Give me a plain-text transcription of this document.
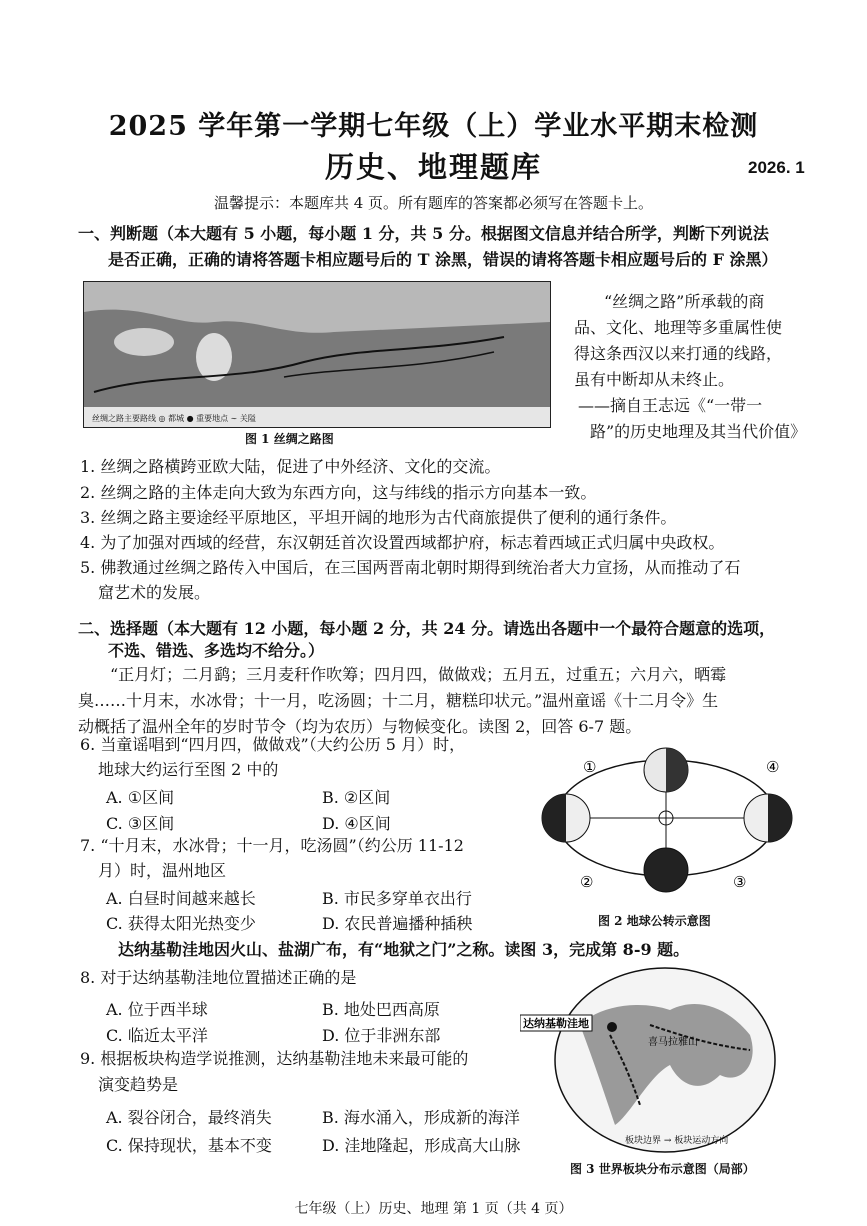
2025 学年第一学期七年级（上）学业水平期末检测
历史、地理题库	2026. 1
温馨提示：本题库共 4 页。所有题库的答案都必须写在答题卡上。
一、判断题（本大题有 5 小题，每小题 1 分，共 5 分。根据图文信息并结合所学，判断下列说法
是否正确，正确的请将答题卡相应题号后的 T 涂黑，错误的请将答题卡相应题号后的 F 涂黑）
丝绸之路主要路线 ◎ 都城 ● 重要地点 ∼ 关隘
图 1 丝绸之路图
“丝绸之路”所承载的商
品、文化、地理等多重属性使
得这条西汉以来打通的线路，
虽有中断却从未终止。
——摘自王志远《“一带一
路”的历史地理及其当代价值》
1. 丝绸之路横跨亚欧大陆，促进了中外经济、文化的交流。
2. 丝绸之路的主体走向大致为东西方向，这与纬线的指示方向基本一致。
3. 丝绸之路主要途经平原地区，平坦开阔的地形为古代商旅提供了便利的通行条件。
4. 为了加强对西域的经营，东汉朝廷首次设置西域都护府，标志着西域正式归属中央政权。
5. 佛教通过丝绸之路传入中国后，在三国两晋南北朝时期得到统治者大力宣扬，从而推动了石
窟艺术的发展。
二、选择题（本大题有 12 小题，每小题 2 分，共 24 分。请选出各题中一个最符合题意的选项，
不选、错选、多选均不给分。）
“正月灯；二月鹞；三月麦秆作吹筹；四月四，做做戏；五月五，过重五；六月六，晒霉
臭……十月末，水冰骨；十一月，吃汤圆；十二月，糖糕印状元。”温州童谣《十二月令》生
动概括了温州全年的岁时节令（均为农历）与物候变化。读图 2，回答 6-7 题。
6. 当童谣唱到“四月四，做做戏”（大约公历 5 月）时，
地球大约运行至图 2 中的
A. ①区间	B. ②区间
C. ③区间	D. ④区间
7. “十月末，水冰骨；十一月，吃汤圆”（约公历 11-12
月）时，温州地区
A. 白昼时间越来越长	B. 市民多穿单衣出行
C. 获得太阳光热变少	D. 农民普遍播种插秧
①
②	③
④
图 2 地球公转示意图
达纳基勒洼地因火山、盐湖广布，有“地狱之门”之称。读图 3，完成第 8-9 题。
8. 对于达纳基勒洼地位置描述正确的是
A. 位于西半球	B. 地处巴西高原
C. 临近太平洋	D. 位于非洲东部
9. 根据板块构造学说推测，达纳基勒洼地未来最可能的
演变趋势是
A. 裂谷闭合，最终消失	B. 海水涌入，形成新的海洋
C. 保持现状，基本不变	D. 洼地隆起，形成高大山脉
达纳基勒洼地
喜马拉雅山
板块边界 → 板块运动方向
图 3 世界板块分布示意图（局部）
七年级（上）历史、地理 第 1 页（共 4 页）
